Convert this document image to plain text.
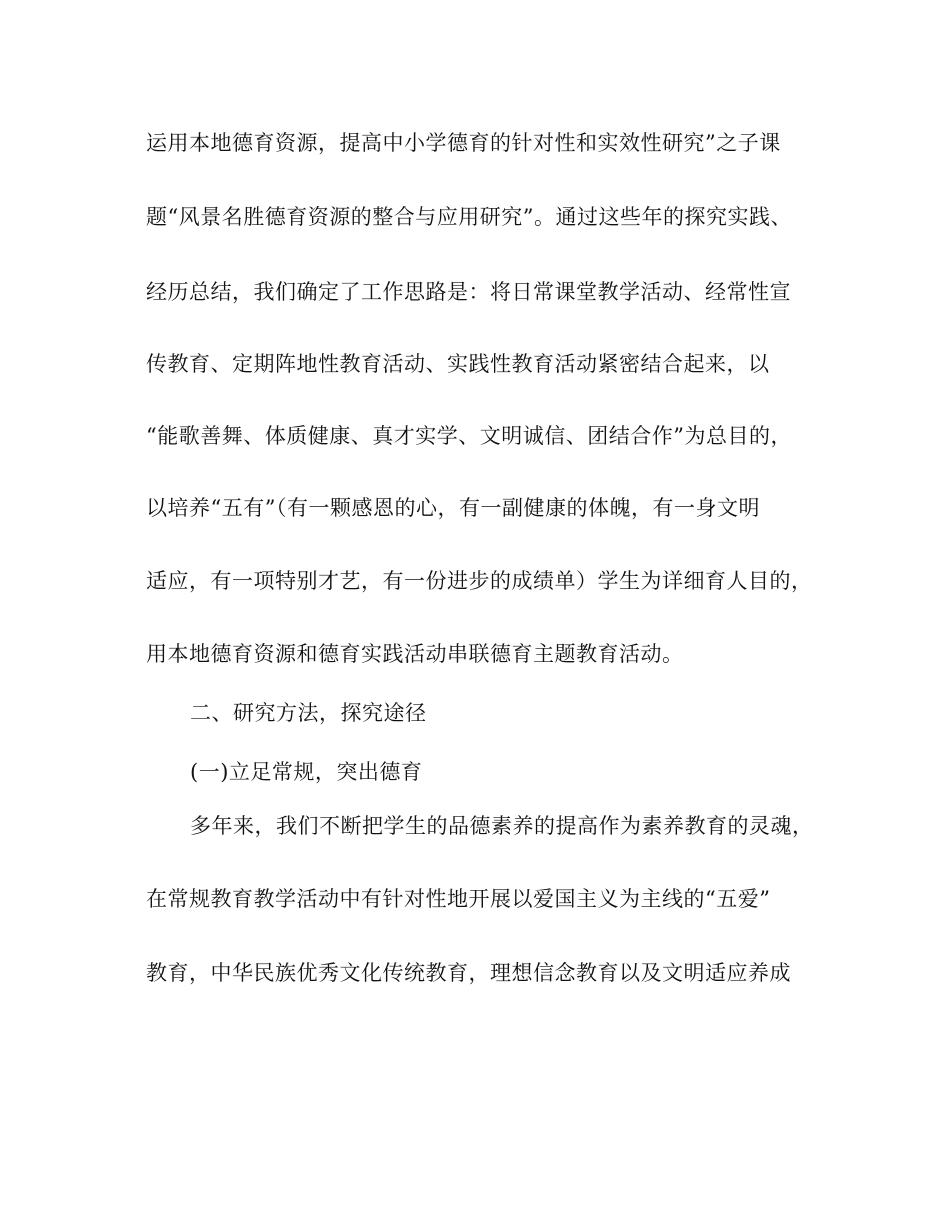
运用本地德育资源，提高中小学德育的针对性和实效性研究”之子课
题“风景名胜德育资源的整合与应用研究”。通过这些年的探究实践、
经历总结，我们确定了工作思路是：将日常课堂教学活动、经常性宣
传教育、定期阵地性教育活动、实践性教育活动紧密结合起来，以
“能歌善舞、体质健康、真才实学、文明诚信、团结合作”为总目的，
以培养“五有”（有一颗感恩的心，有一副健康的体魄，有一身文明
适应，有一项特别才艺，有一份进步的成绩单）学生为详细育人目的，
用本地德育资源和德育实践活动串联德育主题教育活动。
二、研究方法，探究途径
(一)立足常规，突出德育
多年来，我们不断把学生的品德素养的提高作为素养教育的灵魂，
在常规教育教学活动中有针对性地开展以爱国主义为主线的“五爱”
教育，中华民族优秀文化传统教育，理想信念教育以及文明适应养成
